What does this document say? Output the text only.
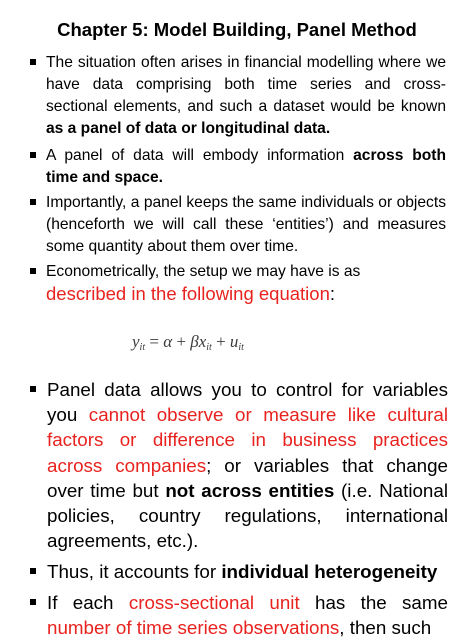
Chapter 5: Model Building, Panel Method
The situation often arises in financial modelling where we have data comprising both time series and cross-sectional elements, and such a dataset would be known as a panel of data or longitudinal data.
A panel of data will embody information across both time and space.
Importantly, a panel keeps the same individuals or objects (henceforth we will call these ‘entities’) and measures some quantity about them over time.
Econometrically, the setup we may have is as
described in the following equation:
$y_{it} = \alpha + \beta x_{it} + u_{it}$
Panel data allows you to control for variables you cannot observe or measure like cultural factors or difference in business practices across companies; or variables that change over time but not across entities (i.e. National policies, country regulations, international agreements, etc.).
Thus, it accounts for individual heterogeneity
If each cross-sectional unit has the same number of time series observations, then such
